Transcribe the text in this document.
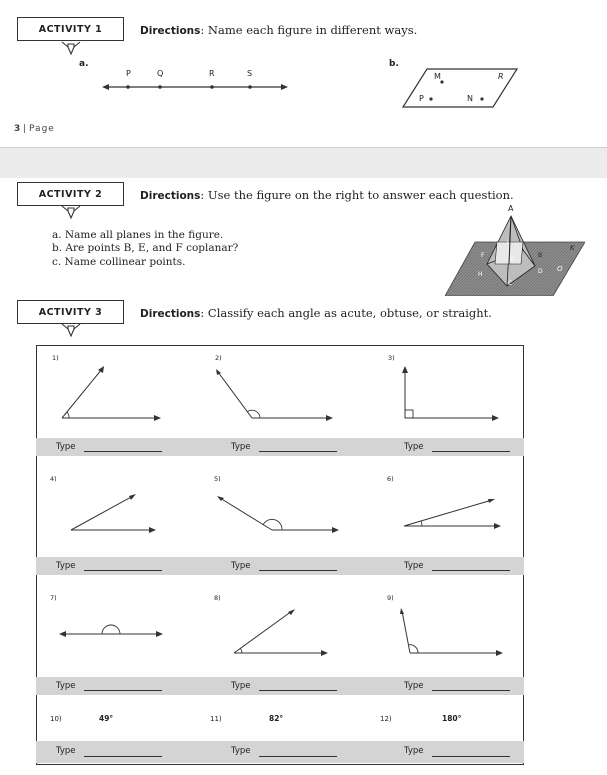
ACTIVITY 1	Directions: Name each figure in different ways.
a.
P	Q	R	S
b.
M	R
P	N
3 | Page
ACTIVITY 2	Directions: Use the figure on the right to answer each question.
a. Name all planes in the figure.
b. Are points B, E, and F coplanar?
c. Name collinear points.
A
I
F
E
B
K
H	D O
C
ACTIVITY 3	Directions: Classify each angle as acute, obtuse, or straight.
1)	2)	3)
Type	Type	Type
4)	5)	6)
Type	Type	Type
7)	8)	9)
Type	Type	Type
10)	49°	11)	82°	12)	180°
Type	Type	Type
